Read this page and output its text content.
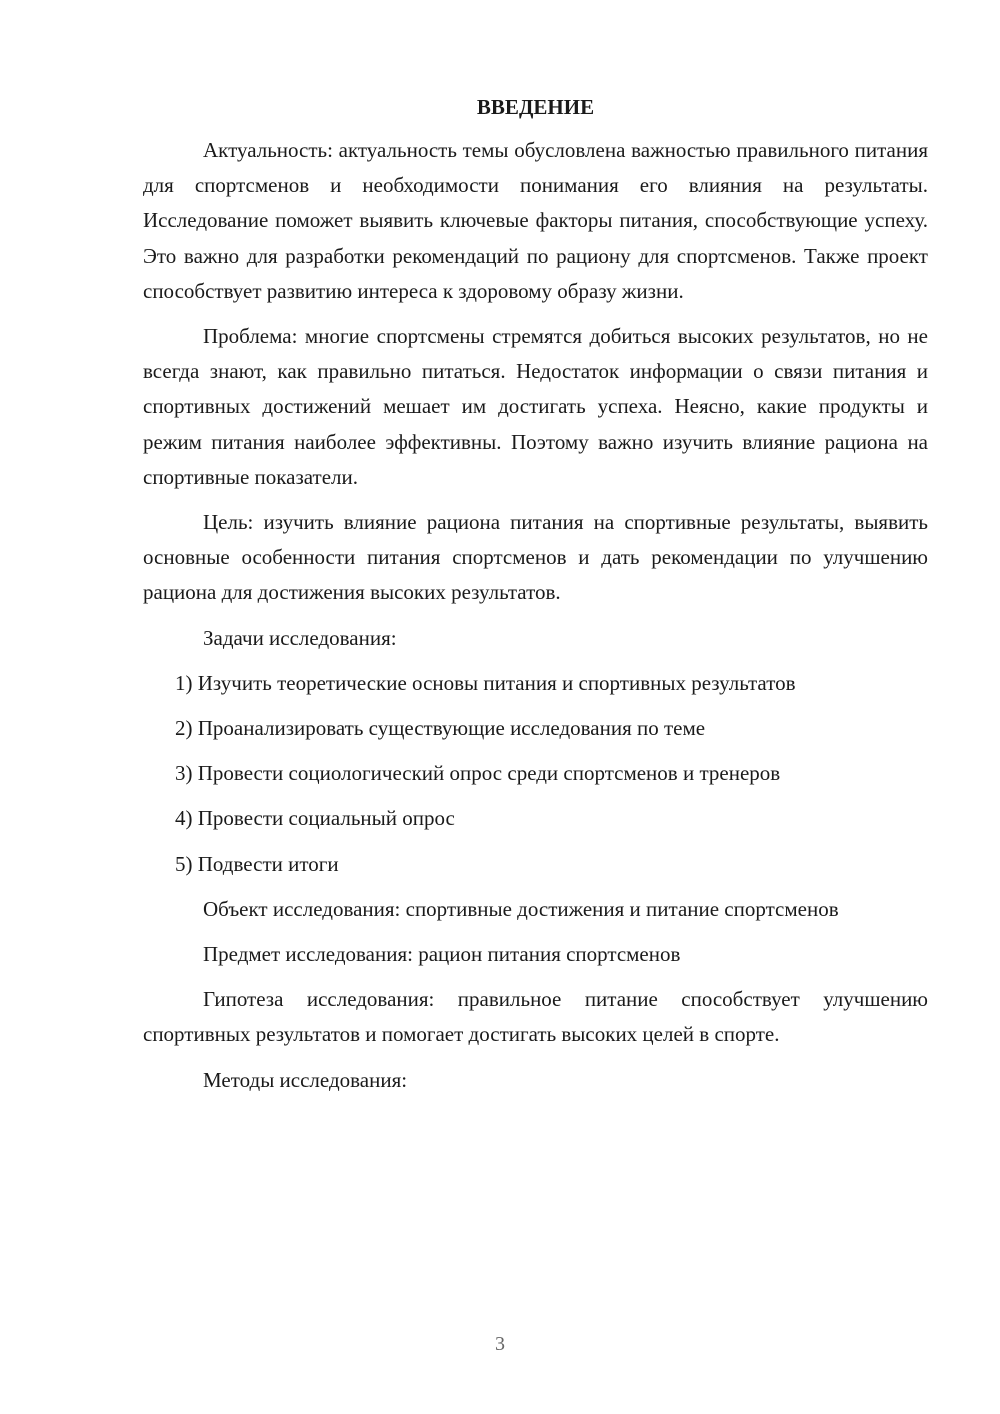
ВВЕДЕНИЕ

Актуальность: актуальность темы обусловлена важностью правильного питания для спортсменов и необходимости понимания его влияния на результаты. Исследование поможет выявить ключевые факторы питания, способствующие успеху. Это важно для разработки рекомендаций по рациону для спортсменов. Также проект способствует развитию интереса к здоровому образу жизни.

Проблема: многие спортсмены стремятся добиться высоких результатов, но не всегда знают, как правильно питаться. Недостаток информации о связи питания и спортивных достижений мешает им достигать успеха. Неясно, какие продукты и режим питания наиболее эффективны. Поэтому важно изучить влияние рациона на спортивные показатели.

Цель: изучить влияние рациона питания на спортивные результаты, выявить основные особенности питания спортсменов и дать рекомендации по улучшению рациона для достижения высоких результатов.

Задачи исследования:

1) Изучить теоретические основы питания и спортивных результатов

2) Проанализировать существующие исследования по теме

3) Провести социологический опрос среди спортсменов и тренеров

4) Провести социальный опрос

5) Подвести итоги

Объект исследования: спортивные достижения и питание спортсменов

Предмет исследования: рацион питания спортсменов

Гипотеза исследования: правильное питание способствует улучшению спортивных результатов и помогает достигать высоких целей в спорте.

Методы исследования:

3
